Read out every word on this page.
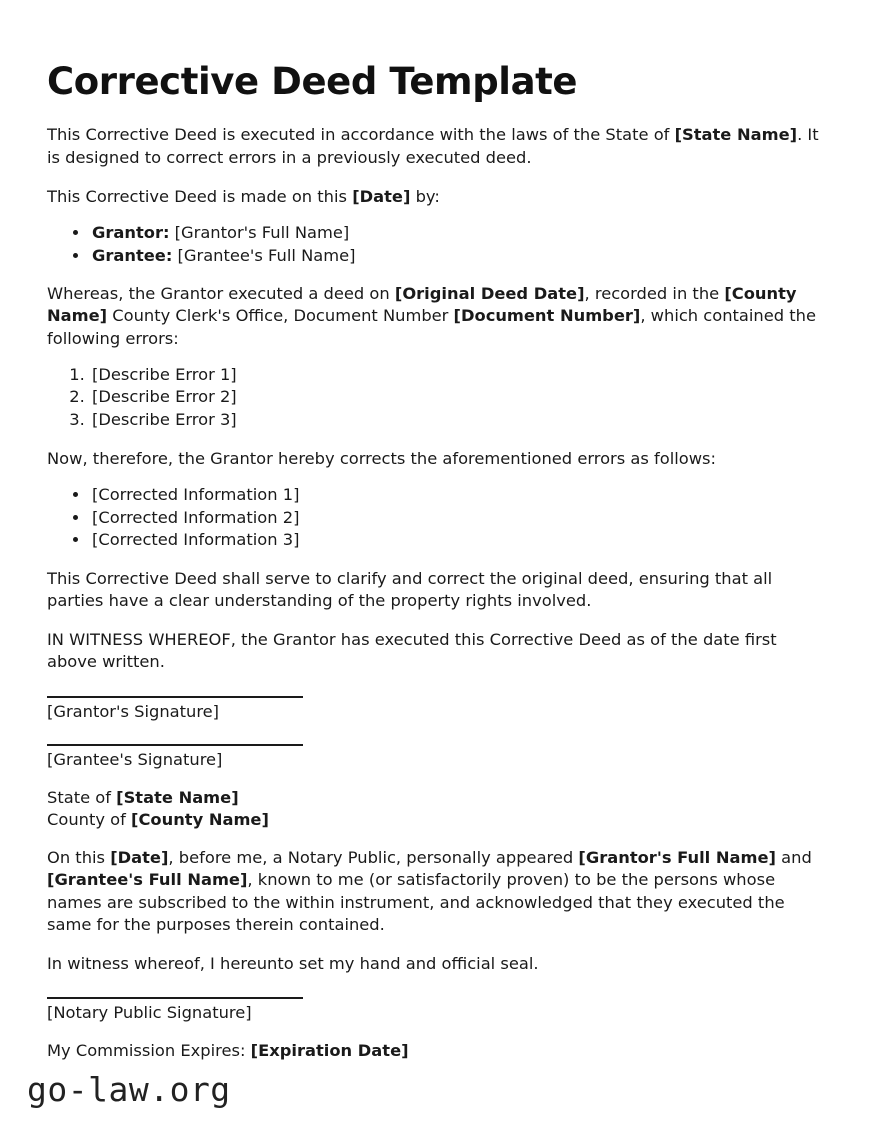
Corrective Deed Template

This Corrective Deed is executed in accordance with the laws of the State of [State Name]. It is designed to correct errors in a previously executed deed.

This Corrective Deed is made on this [Date] by:

• Grantor: [Grantor's Full Name]
• Grantee: [Grantee's Full Name]

Whereas, the Grantor executed a deed on [Original Deed Date], recorded in the [County Name] County Clerk's Office, Document Number [Document Number], which contained the following errors:

1. [Describe Error 1]
2. [Describe Error 2]
3. [Describe Error 3]

Now, therefore, the Grantor hereby corrects the aforementioned errors as follows:

• [Corrected Information 1]
• [Corrected Information 2]
• [Corrected Information 3]

This Corrective Deed shall serve to clarify and correct the original deed, ensuring that all parties have a clear understanding of the property rights involved.

IN WITNESS WHEREOF, the Grantor has executed this Corrective Deed as of the date first above written.

[Grantor's Signature]
[Grantee's Signature]
State of [State Name]
County of [County Name]

On this [Date], before me, a Notary Public, personally appeared [Grantor's Full Name] and [Grantee's Full Name], known to me (or satisfactorily proven) to be the persons whose names are subscribed to the within instrument, and acknowledged that they executed the same for the purposes therein contained.

In witness whereof, I hereunto set my hand and official seal.

[Notary Public Signature]

My Commission Expires: [Expiration Date]

go-law.org
